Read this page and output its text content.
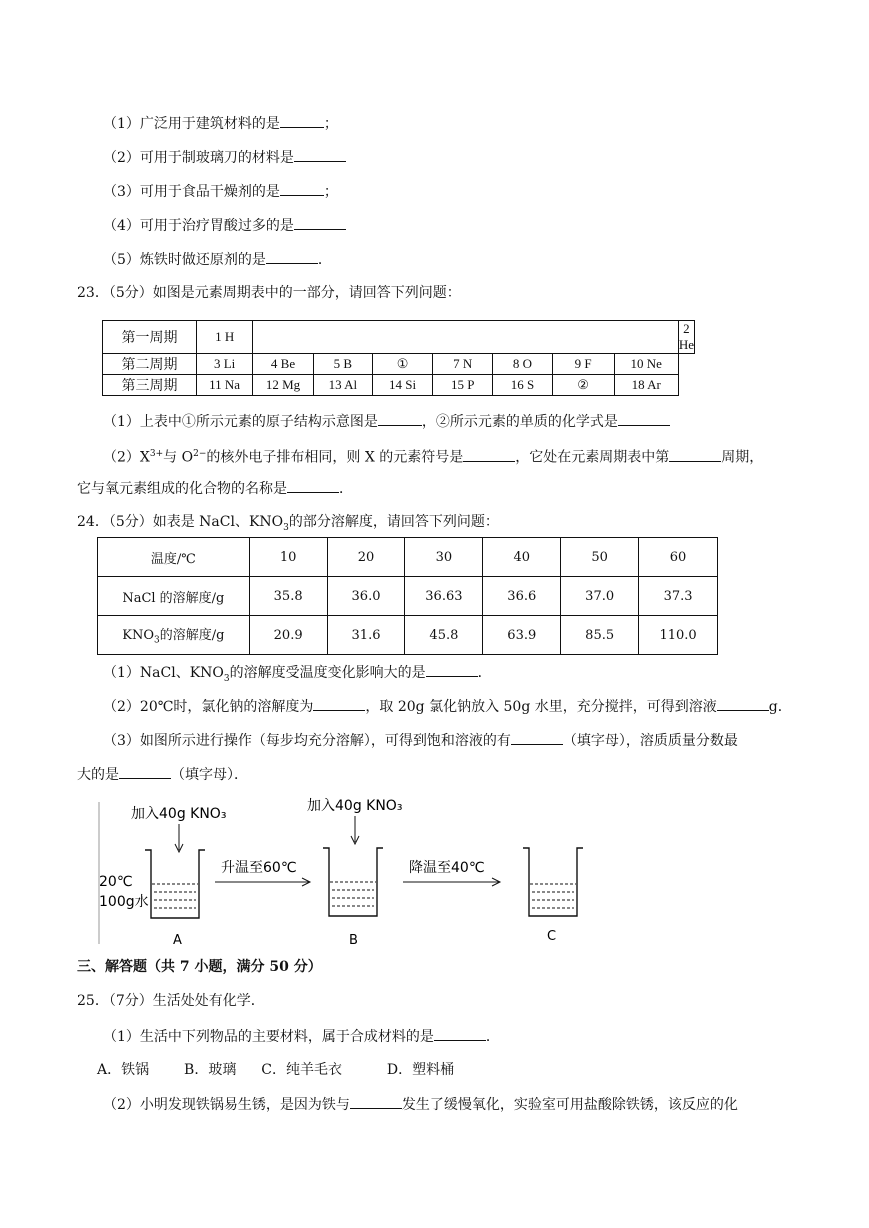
（1）广泛用于建筑材料的是	；
（2）可用于制玻璃刀的材料是
（3）可用于食品干燥剂的是	；
（4）可用于治疗胃酸过多的是
（5）炼铁时做还原剂的是	．
23．（5分）如图是元素周期表中的一部分，请回答下列问题：
第一周期	1 H								2 He
第二周期	3 Li	4 Be	5 B	①	7 N	8 O	9 F	10 Ne	
第三周期	11 Na	12 Mg	13 Al	14 Si	15 P	16 S	②	18 Ar	
（1）上表中①所示元素的原子结构示意图是	，②所示元素的单质的化学式是
$(2)X^{3+}$与 $O^{2-}$的核外电子排布相同，则 X 的元素符号是	，它处在元素周期表中第	周期，
它与氧元素组成的化合物的名称是	．
24．（5分）如表是 NaCl、$KNO_3$的部分溶解度，请回答下列问题：
温度/℃	10	20	30	40	50	60
NaCl 的溶解度/g	35.8	36.0	36.63	36.6	37.0	37.3
$KNO_3$的溶解度/g	20.9	31.6	45.8	63.9	85.5	110.0
（1）NaCl、$KNO_3$的溶解度受温度变化影响大的是	．
（2）20℃时，氯化钠的溶解度为	，取 20g 氯化钠放入 50g 水里，充分搅拌，可得到溶液	g．
（3）如图所示进行操作（每步均充分溶解），可得到饱和溶液的有	（填字母），溶质质量分数最
大的是	（填字母）．
加入40g KNO₃	加入40g KNO₃
20℃
100g水
A
升温至60℃
B
降温至40℃
C
三、解答题（共 7 小题，满分 50 分）
25．（7分）生活处处有化学．
（1）生活中下列物品的主要材料，属于合成材料的是	．
A．铁锅 B．玻璃 C．纯羊毛衣	D．塑料桶
（2）小明发现铁锅易生锈，是因为铁与	发生了缓慢氧化，实验室可用盐酸除铁锈，该反应的化
